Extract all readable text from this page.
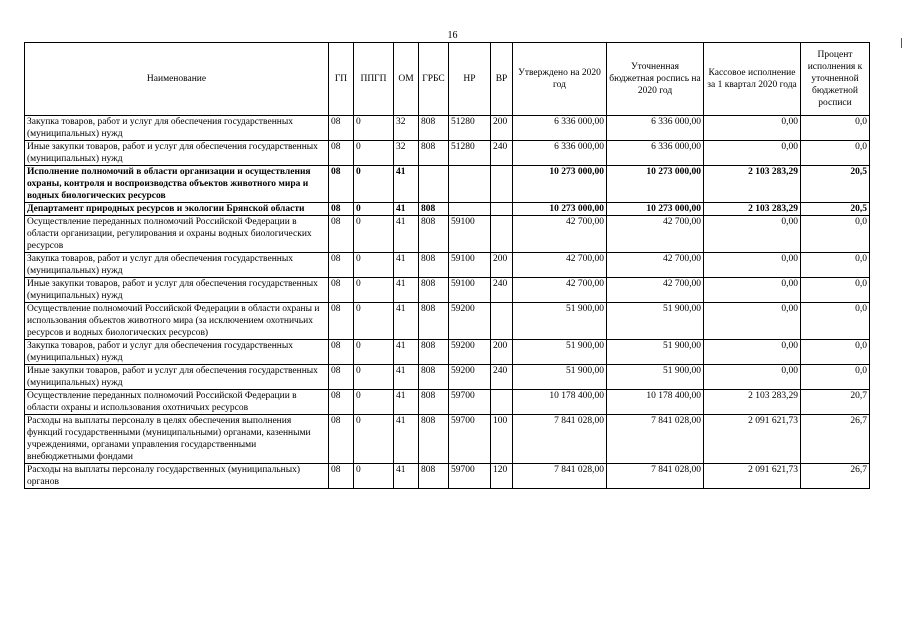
16
Наименование	ГП	ППГП	ОМ	ГРБС	НР	ВР	Утверждено на 2020 год	Уточненная бюджетная роспись на 2020 год	Кассовое исполнение за 1 квартал 2020 года	Процент исполнения к уточненной бюджетной росписи
Закупка товаров, работ и услуг для обеспечения государственных (муниципальных) нужд	08	0	32	808	51280	200	6 336 000,00	6 336 000,00	0,00	0,0
Иные закупки товаров, работ и услуг для обеспечения государственных (муниципальных) нужд	08	0	32	808	51280	240	6 336 000,00	6 336 000,00	0,00	0,0
Исполнение полномочий в области организации и осуществления охраны, контроля и воспроизводства объектов животного мира и водных биологических ресурсов	08	0	41				10 273 000,00	10 273 000,00	2 103 283,29	20,5
Департамент природных ресурсов и экологии Брянской области	08	0	41	808			10 273 000,00	10 273 000,00	2 103 283,29	20,5
Осуществление переданных полномочий Российской Федерации в области организации, регулирования и охраны водных биологических ресурсов	08	0	41	808	59100		42 700,00	42 700,00	0,00	0,0
Закупка товаров, работ и услуг для обеспечения государственных (муниципальных) нужд	08	0	41	808	59100	200	42 700,00	42 700,00	0,00	0,0
Иные закупки товаров, работ и услуг для обеспечения государственных (муниципальных) нужд	08	0	41	808	59100	240	42 700,00	42 700,00	0,00	0,0
Осуществление полномочий Российской Федерации в области охраны и использования объектов животного мира (за исключением охотничьих ресурсов и водных биологических ресурсов)	08	0	41	808	59200		51 900,00	51 900,00	0,00	0,0
Закупка товаров, работ и услуг для обеспечения государственных (муниципальных) нужд	08	0	41	808	59200	200	51 900,00	51 900,00	0,00	0,0
Иные закупки товаров, работ и услуг для обеспечения государственных (муниципальных) нужд	08	0	41	808	59200	240	51 900,00	51 900,00	0,00	0,0
Осуществление переданных полномочий Российской Федерации в области охраны и использования охотничьих ресурсов	08	0	41	808	59700		10 178 400,00	10 178 400,00	2 103 283,29	20,7
Расходы на выплаты персоналу в целях обеспечения выполнения функций государственными (муниципальными) органами, казенными учреждениями, органами управления государственными внебюджетными фондами	08	0	41	808	59700	100	7 841 028,00	7 841 028,00	2 091 621,73	26,7
Расходы на выплаты персоналу государственных (муниципальных) органов	08	0	41	808	59700	120	7 841 028,00	7 841 028,00	2 091 621,73	26,7
